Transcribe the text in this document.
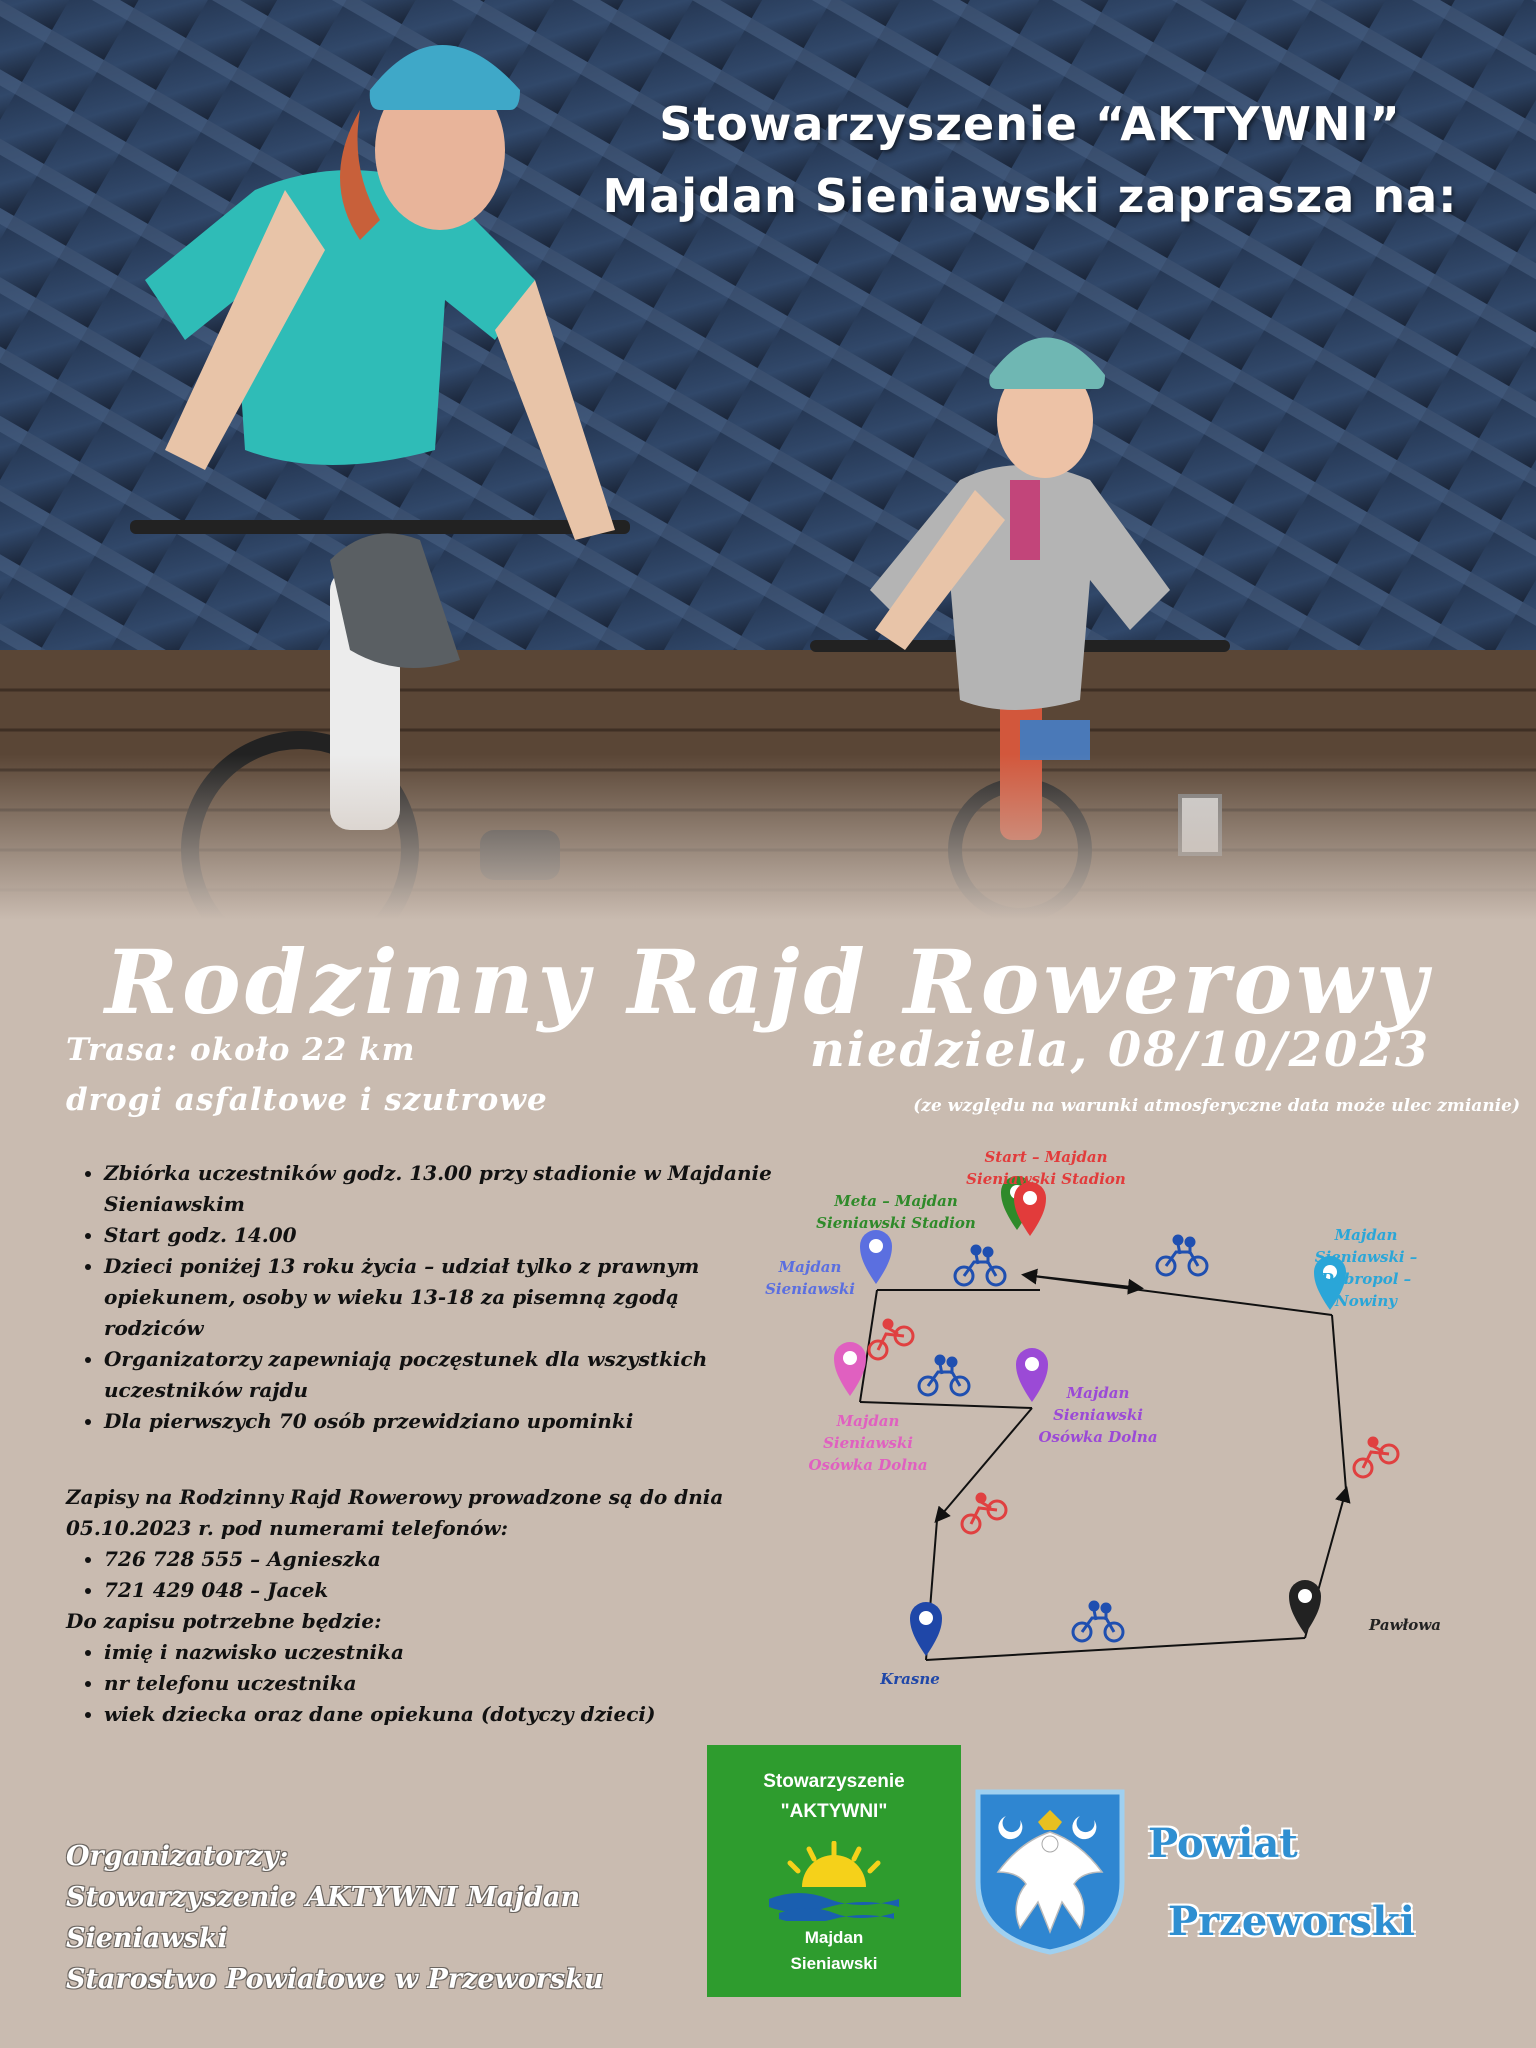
Stowarzyszenie “AKTYWNI”
Majdan Sieniawski zaprasza na:
Rodzinny Rajd Rowerowy
Trasa: około 22 km
drogi asfaltowe i szutrowe
niedziela, 08/10/2023
(ze względu na warunki atmosferyczne data może ulec zmianie)
• Zbiórka uczestników godz. 13.00 przy stadionie w Majdanie Sieniawskim
• Start godz. 14.00
• Dzieci poniżej 13 roku życia – udział tylko z prawnym opiekunem, osoby w wieku 13-18 za pisemną zgodą rodziców
• Organizatorzy zapewniają poczęstunek dla wszystkich uczestników rajdu
• Dla pierwszych 70 osób przewidziano upominki

Zapisy na Rodzinny Rajd Rowerowy prowadzone są do dnia 05.10.2023 r. pod numerami telefonów:

• 726 728 555 – Agnieszka
• 721 429 048 – Jacek

Do zapisu potrzebne będzie:

• imię i nazwisko uczestnika
• nr telefonu uczestnika
• wiek dziecka oraz dane opiekuna (dotyczy dzieci)
Organizatorzy:
Stowarzyszenie AKTYWNI Majdan Sieniawski
Starostwo Powiatowe w Przeworsku
Stowarzyszenie
"AKTYWNI"
Majdan
Sieniawski
Powiat
Przeworski
Start – Majdan
Sieniawski Stadion
Meta – Majdan
Sieniawski Stadion
Majdan
Sieniawski
Majdan
Sieniawski –
Dobropol –
Nowiny
Majdan
Sieniawski
Osówka Dolna
Majdan
Sieniawski
Osówka Dolna
Pawłowa
Krasne
